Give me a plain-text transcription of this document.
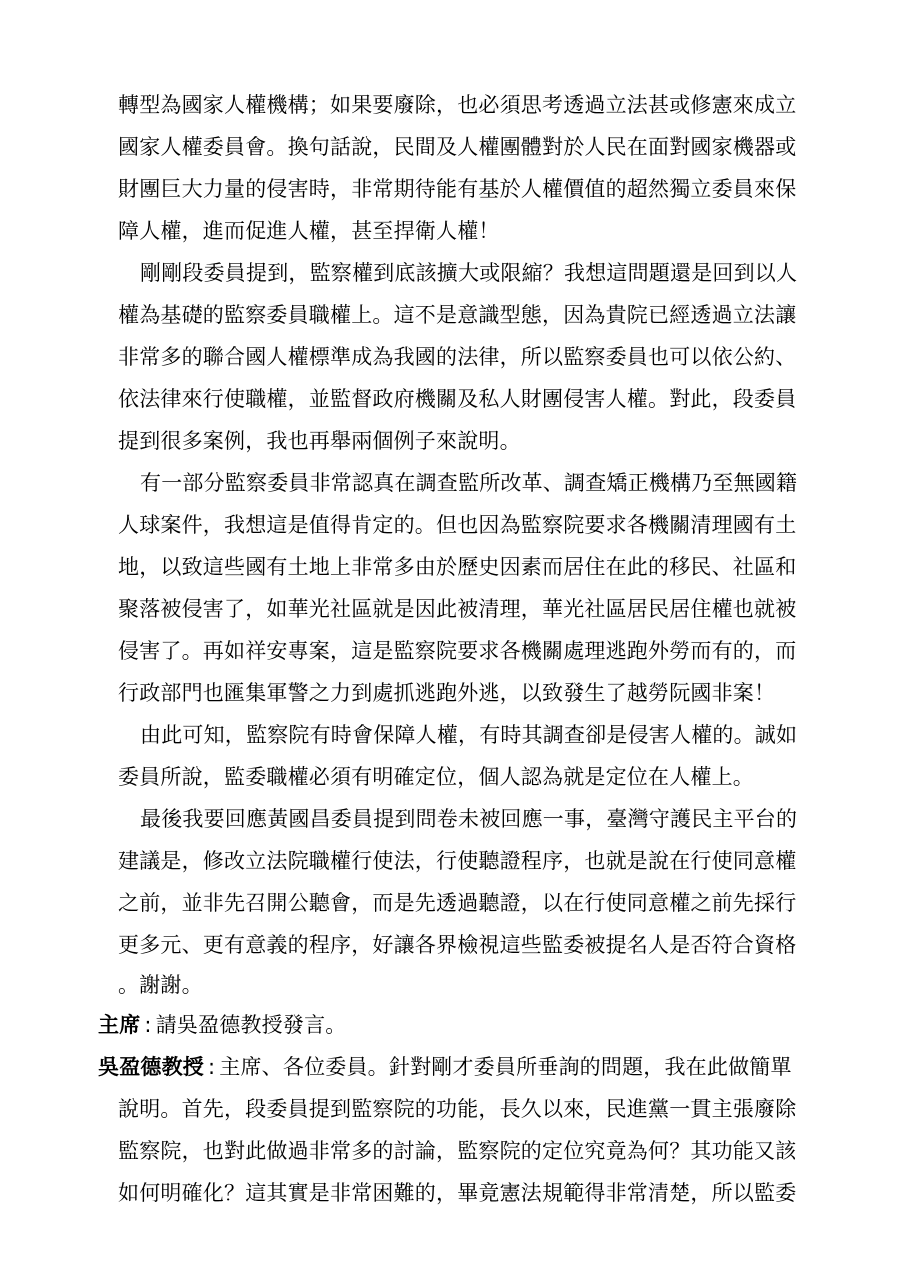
轉型為國家人權機構；如果要廢除，也必須思考透過立法甚或修憲來成立
國家人權委員會。換句話說，民間及人權團體對於人民在面對國家機器或
財團巨大力量的侵害時，非常期待能有基於人權價值的超然獨立委員來保
障人權，進而促進人權，甚至捍衛人權！
剛剛段委員提到，監察權到底該擴大或限縮？我想這問題還是回到以人
權為基礎的監察委員職權上。這不是意識型態，因為貴院已經透過立法讓
非常多的聯合國人權標準成為我國的法律，所以監察委員也可以依公約、
依法律來行使職權，並監督政府機關及私人財團侵害人權。對此，段委員
提到很多案例，我也再舉兩個例子來說明。
有一部分監察委員非常認真在調查監所改革、調查矯正機構乃至無國籍
人球案件，我想這是值得肯定的。但也因為監察院要求各機關清理國有土
地，以致這些國有土地上非常多由於歷史因素而居住在此的移民、社區和
聚落被侵害了，如華光社區就是因此被清理，華光社區居民居住權也就被
侵害了。再如祥安專案，這是監察院要求各機關處理逃跑外勞而有的，而
行政部門也匯集軍警之力到處抓逃跑外逃，以致發生了越勞阮國非案！
由此可知，監察院有時會保障人權，有時其調查卻是侵害人權的。誠如
委員所說，監委職權必須有明確定位，個人認為就是定位在人權上。
最後我要回應黃國昌委員提到問卷未被回應一事，臺灣守護民主平台的
建議是，修改立法院職權行使法，行使聽證程序，也就是說在行使同意權
之前，並非先召開公聽會，而是先透過聽證，以在行使同意權之前先採行
更多元、更有意義的程序，好讓各界檢視這些監委被提名人是否符合資格
。謝謝。
主席 : 請吳盈德教授發言。
吳盈德教授 : 主席、各位委員。針對剛才委員所垂詢的問題，我在此做簡單
說明。首先，段委員提到監察院的功能，長久以來，民進黨一貫主張廢除
監察院，也對此做過非常多的討論，監察院的定位究竟為何？其功能又該
如何明確化？這其實是非常困難的，畢竟憲法規範得非常清楚，所以監委
